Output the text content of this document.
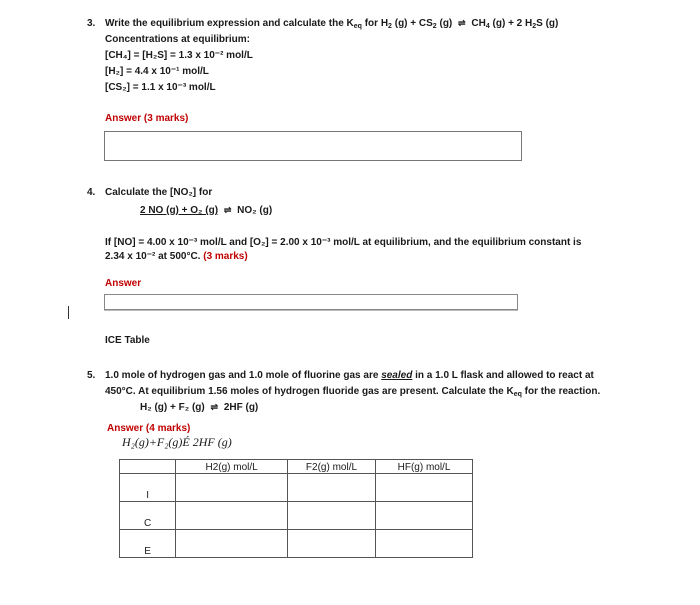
3. Write the equilibrium expression and calculate the $K_{eq}$ for $H_2$ $(g) + CS_2$ (g) ⇌ $CH_4$ (g) + 2 $H_2S$ (g)
Concentrations at equilibrium:
[CH₄] = [H₂S] = 1.3 x 10⁻² mol/L
[H₂] = 4.4 x 10⁻¹ mol/L
[CS₂] = 1.1 x 10⁻³ mol/L
Answer (3 marks)
4. Calculate the [NO₂] for
2 NO (g) + O₂ (g) ⇌ NO₂ (g)
If [NO] = 4.00 x 10⁻³ mol/L and [O₂] = 2.00 x 10⁻³ mol/L at equilibrium, and the equilibrium constant is
2.34 x 10⁻² at 500°C. (3 marks)
Answer
ICE Table
5. 1.0 mole of hydrogen gas and 1.0 mole of fluorine gas are sealed in a 1.0 L flask and allowed to react at
450°C. At equilibrium 1.56 moles of hydrogen fluoride gas are present. Calculate the $K_{eq}$ for the reaction.
H₂ (g) + F₂ (g) ⇌ 2HF (g)
Answer (4 marks)
H₂(g)+F₂(g)É 2HF (g)
	H2(g) mol/L	F2(g) mol/L	HF(g) mol/L
I			
C			
E			
